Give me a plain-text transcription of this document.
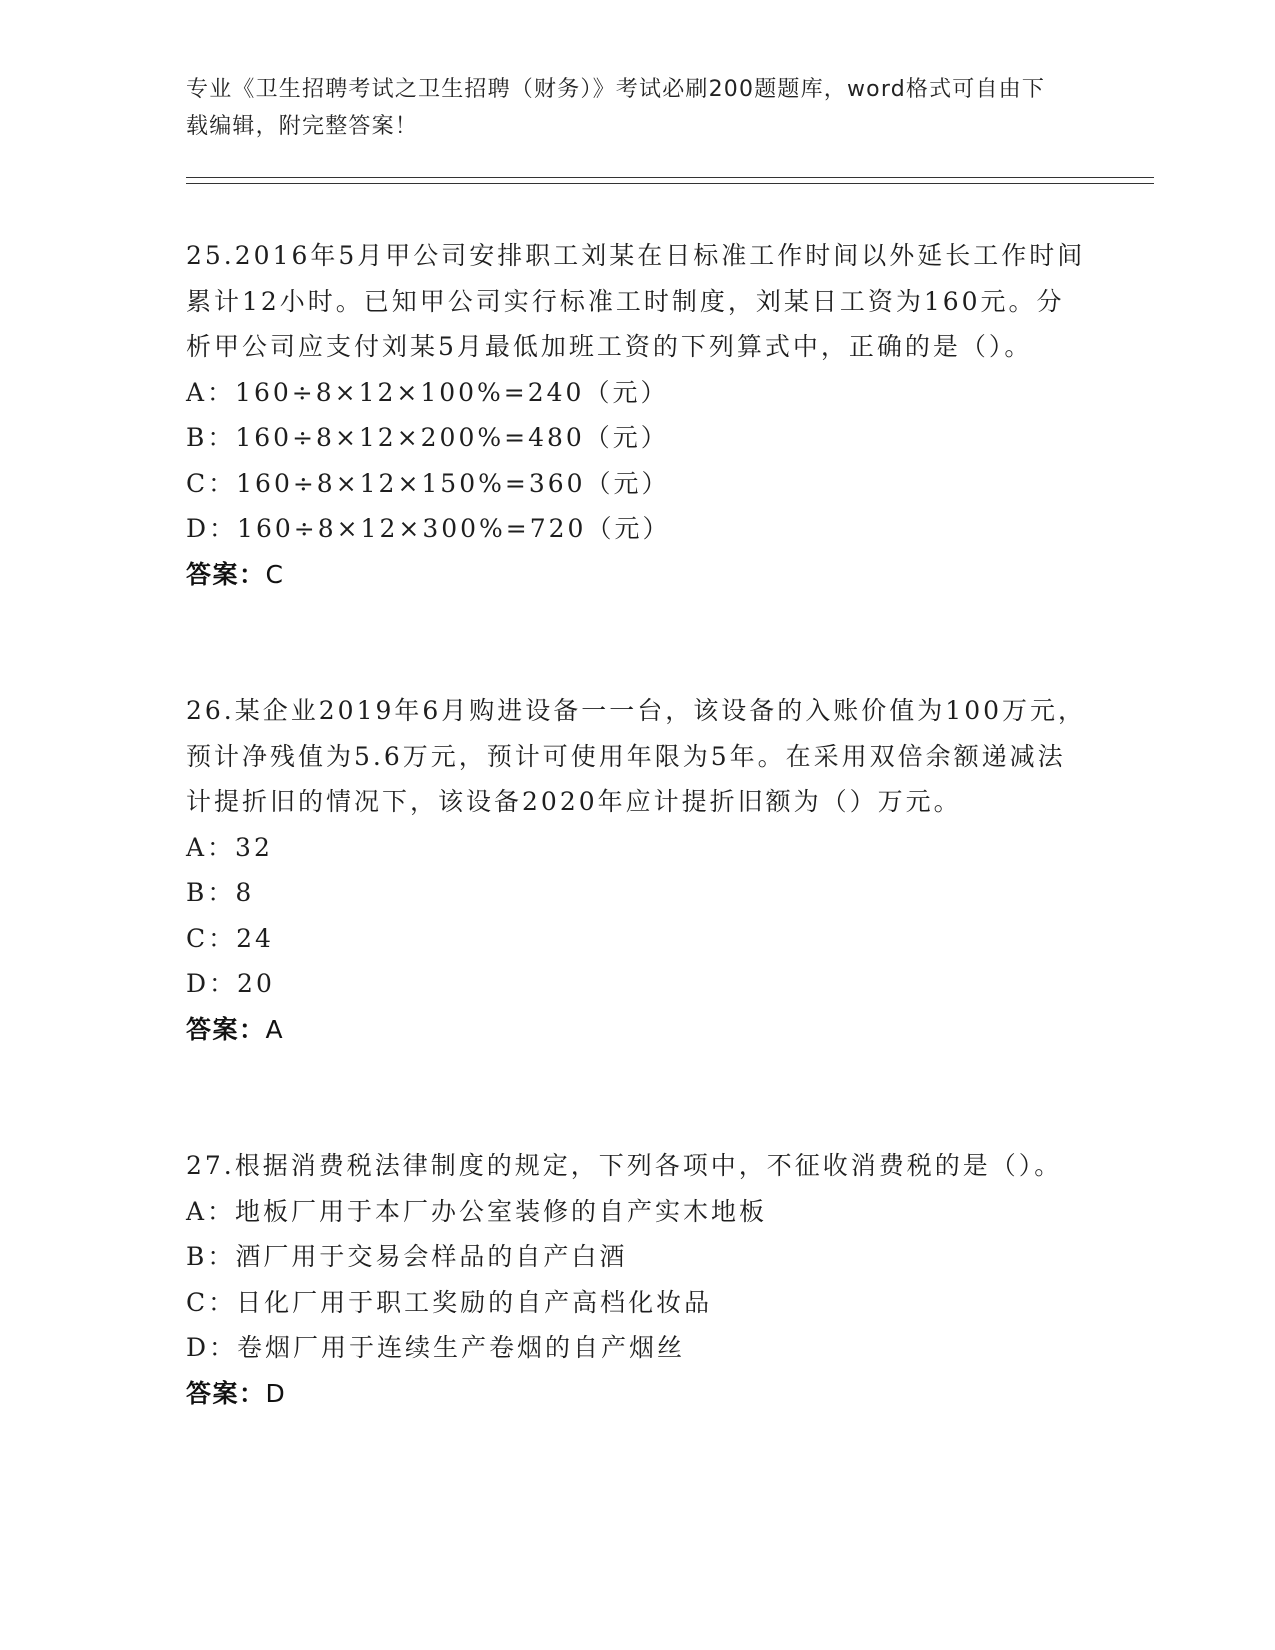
专业《卫生招聘考试之卫生招聘（财务）》考试必刷200题题库，word格式可自由下载编辑，附完整答案！
25.2016年5月甲公司安排职工刘某在日标准工作时间以外延长工作时间累计12小时。已知甲公司实行标准工时制度，刘某日工资为160元。分析甲公司应支付刘某5月最低加班工资的下列算式中，正确的是（）。
A：160÷8×12×100%=240（元）
B：160÷8×12×200%=480（元）
C：160÷8×12×150%=360（元）
D：160÷8×12×300%=720（元）
答案：C
26.某企业2019年6月购进设备一一台，该设备的入账价值为100万元，预计净残值为5.6万元，预计可使用年限为5年。在采用双倍余额递减法计提折旧的情况下，该设备2020年应计提折旧额为（）万元。
A：32
B：8
C：24
D：20
答案：A
27.根据消费税法律制度的规定，下列各项中，不征收消费税的是（）。
A：地板厂用于本厂办公室装修的自产实木地板
B：酒厂用于交易会样品的自产白酒
C：日化厂用于职工奖励的自产高档化妆品
D：卷烟厂用于连续生产卷烟的自产烟丝
答案：D
